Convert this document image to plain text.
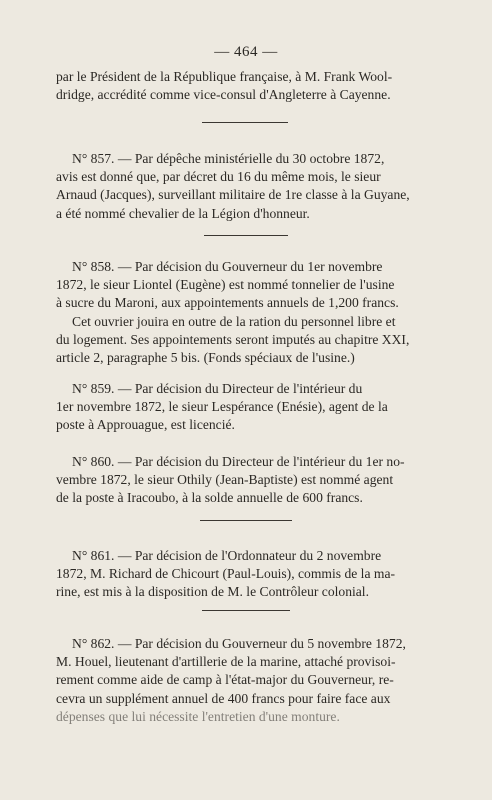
— 464 —
par le Président de la République française, à M. Frank Wool-
dridge, accrédité comme vice-consul d'Angleterre à Cayenne.
N° 857. — Par dépêche ministérielle du 30 octobre 1872,
avis est donné que, par décret du 16 du même mois, le sieur
Arnaud (Jacques), surveillant militaire de 1re classe à la Guyane,
a été nommé chevalier de la Légion d'honneur.
N° 858. — Par décision du Gouverneur du 1er novembre
1872, le sieur Liontel (Eugène) est nommé tonnelier de l'usine
à sucre du Maroni, aux appointements annuels de 1,200 francs.
Cet ouvrier jouira en outre de la ration du personnel libre et
du logement. Ses appointements seront imputés au chapitre XXI,
article 2, paragraphe 5 bis. (Fonds spéciaux de l'usine.)
N° 859. — Par décision du Directeur de l'intérieur du
1er novembre 1872, le sieur Lespérance (Enésie), agent de la
poste à Approuague, est licencié.
N° 860. — Par décision du Directeur de l'intérieur du 1er no-
vembre 1872, le sieur Othily (Jean-Baptiste) est nommé agent
de la poste à Iracoubo, à la solde annuelle de 600 francs.
N° 861. — Par décision de l'Ordonnateur du 2 novembre
1872, M. Richard de Chicourt (Paul-Louis), commis de la ma-
rine, est mis à la disposition de M. le Contrôleur colonial.
N° 862. — Par décision du Gouverneur du 5 novembre 1872,
M. Houel, lieutenant d'artillerie de la marine, attaché provisoi-
rement comme aide de camp à l'état-major du Gouverneur, re-
cevra un supplément annuel de 400 francs pour faire face aux
dépenses que lui nécessite l'entretien d'une monture.
